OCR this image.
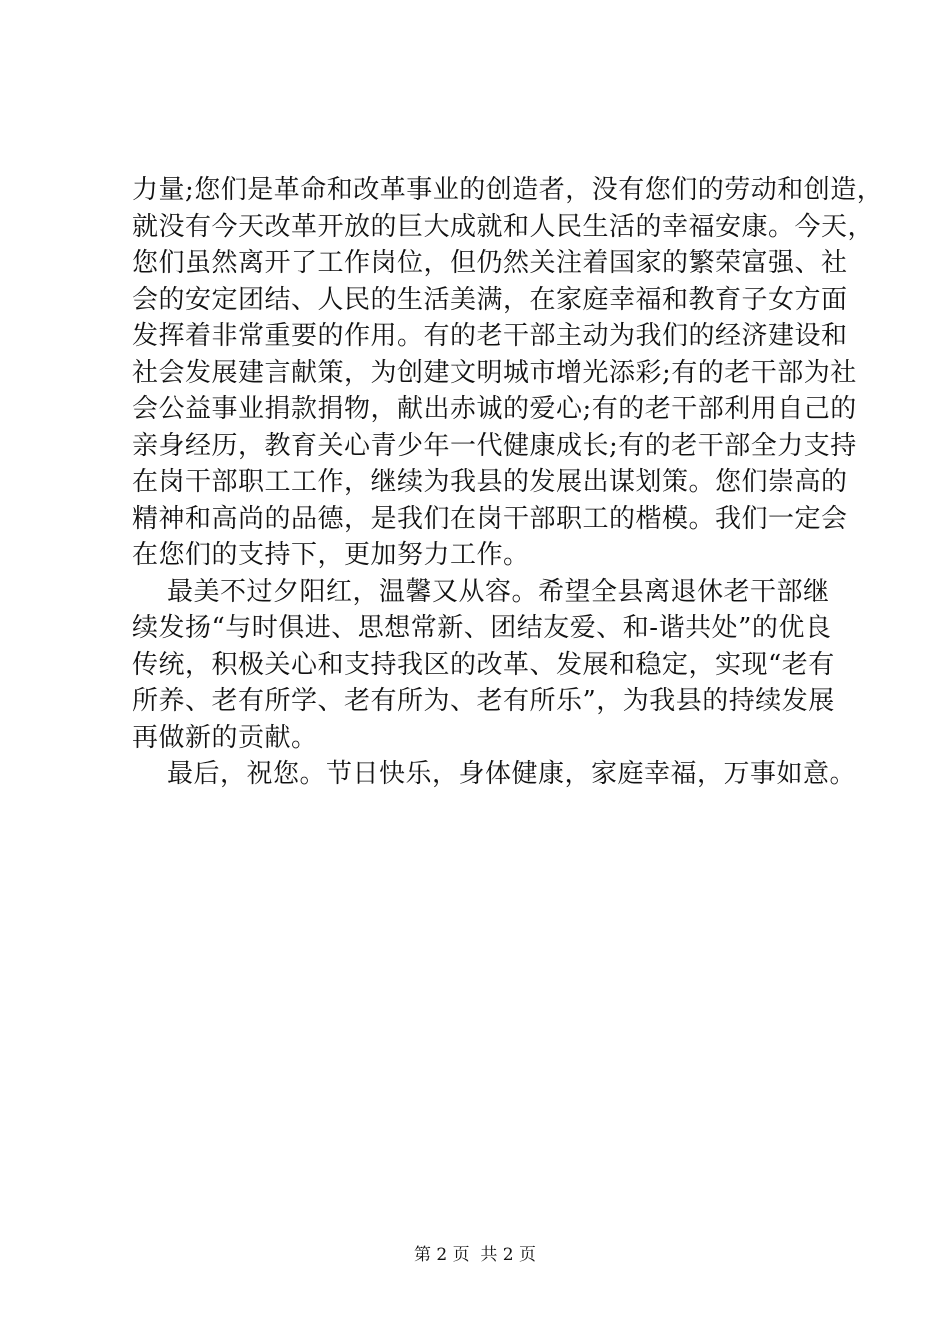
力量;您们是革命和改革事业的创造者，没有您们的劳动和创造，
就没有今天改革开放的巨大成就和人民生活的幸福安康。今天，
您们虽然离开了工作岗位，但仍然关注着国家的繁荣富强、社
会的安定团结、人民的生活美满，在家庭幸福和教育子女方面
发挥着非常重要的作用。有的老干部主动为我们的经济建设和
社会发展建言献策，为创建文明城市增光添彩;有的老干部为社
会公益事业捐款捐物，献出赤诚的爱心;有的老干部利用自己的
亲身经历，教育关心青少年一代健康成长;有的老干部全力支持
在岗干部职工工作，继续为我县的发展出谋划策。您们崇高的
精神和高尚的品德，是我们在岗干部职工的楷模。我们一定会
在您们的支持下，更加努力工作。
最美不过夕阳红，温馨又从容。希望全县离退休老干部继
续发扬“与时俱进、思想常新、团结友爱、和-谐共处”的优良
传统，积极关心和支持我区的改革、发展和稳定，实现“老有
所养、老有所学、老有所为、老有所乐”，为我县的持续发展
再做新的贡献。
最后，祝您。节日快乐，身体健康，家庭幸福，万事如意。
第 2 页  共 2 页
